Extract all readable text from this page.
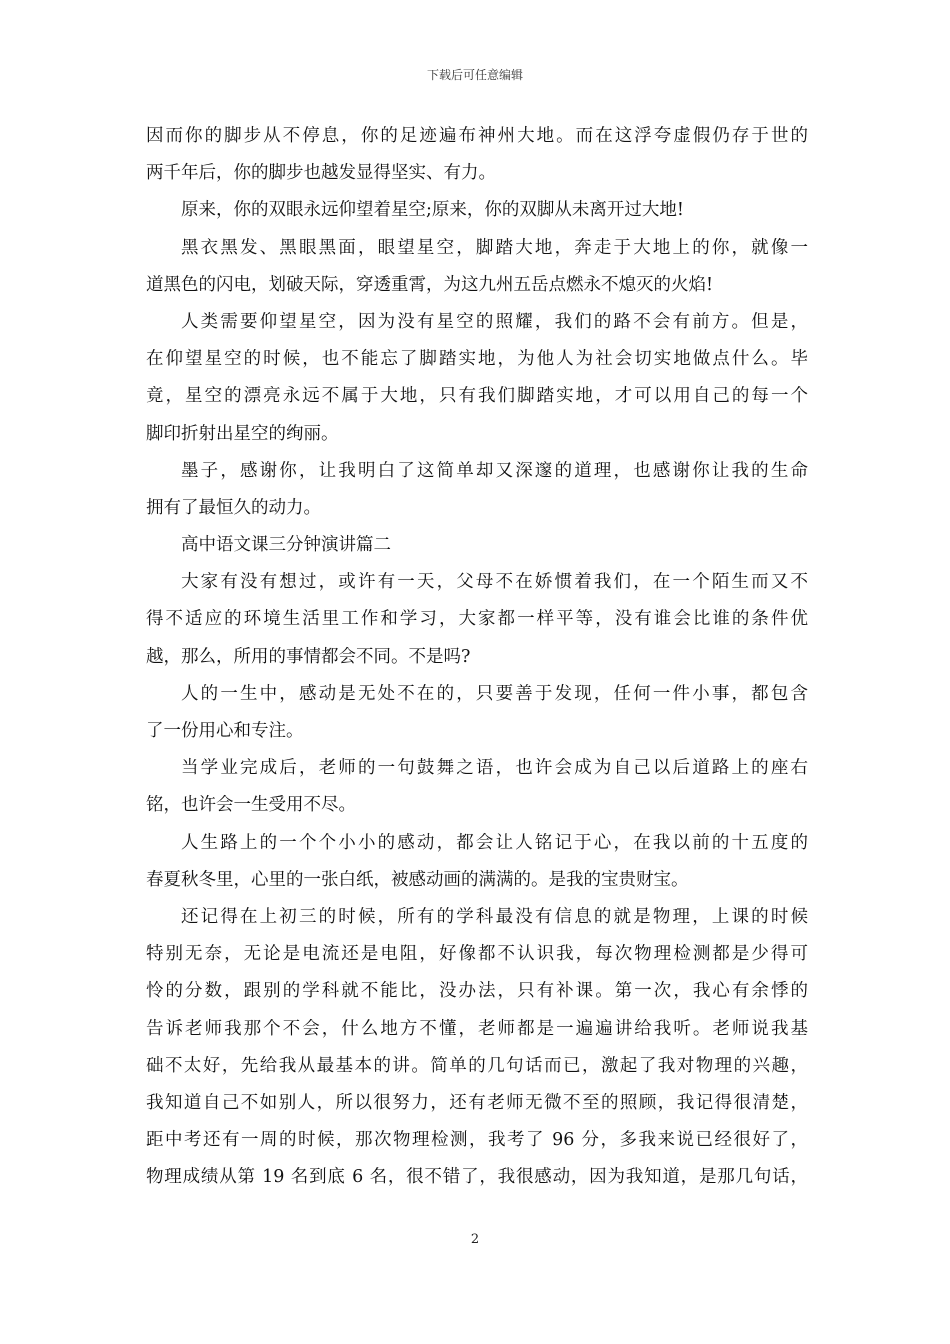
下载后可任意编辑
因而你的脚步从不停息，你的足迹遍布神州大地。而在这浮夸虚假仍存于世的
两千年后，你的脚步也越发显得坚实、有力。
原来，你的双眼永远仰望着星空;原来，你的双脚从未离开过大地!
黑衣黑发、黑眼黑面，眼望星空，脚踏大地，奔走于大地上的你，就像一
道黑色的闪电，划破天际，穿透重霄，为这九州五岳点燃永不熄灭的火焰!
人类需要仰望星空，因为没有星空的照耀，我们的路不会有前方。但是，
在仰望星空的时候，也不能忘了脚踏实地，为他人为社会切实地做点什么。毕
竟，星空的漂亮永远不属于大地，只有我们脚踏实地，才可以用自己的每一个
脚印折射出星空的绚丽。
墨子，感谢你，让我明白了这简单却又深邃的道理，也感谢你让我的生命
拥有了最恒久的动力。
高中语文课三分钟演讲篇二
大家有没有想过，或许有一天，父母不在娇惯着我们，在一个陌生而又不
得不适应的环境生活里工作和学习，大家都一样平等，没有谁会比谁的条件优
越，那么，所用的事情都会不同。不是吗?
人的一生中，感动是无处不在的，只要善于发现，任何一件小事，都包含
了一份用心和专注。
当学业完成后，老师的一句鼓舞之语，也许会成为自己以后道路上的座右
铭，也许会一生受用不尽。
人生路上的一个个小小的感动，都会让人铭记于心，在我以前的十五度的
春夏秋冬里，心里的一张白纸，被感动画的满满的。是我的宝贵财宝。
还记得在上初三的时候，所有的学科最没有信息的就是物理，上课的时候
特别无奈，无论是电流还是电阻，好像都不认识我，每次物理检测都是少得可
怜的分数，跟别的学科就不能比，没办法，只有补课。第一次，我心有余悸的
告诉老师我那个不会，什么地方不懂，老师都是一遍遍讲给我听。老师说我基
础不太好，先给我从最基本的讲。简单的几句话而已，激起了我对物理的兴趣，
我知道自己不如别人，所以很努力，还有老师无微不至的照顾，我记得很清楚，
距中考还有一周的时候，那次物理检测，我考了 96 分，多我来说已经很好了，
物理成绩从第 19 名到底 6 名，很不错了，我很感动，因为我知道，是那几句话，
2
